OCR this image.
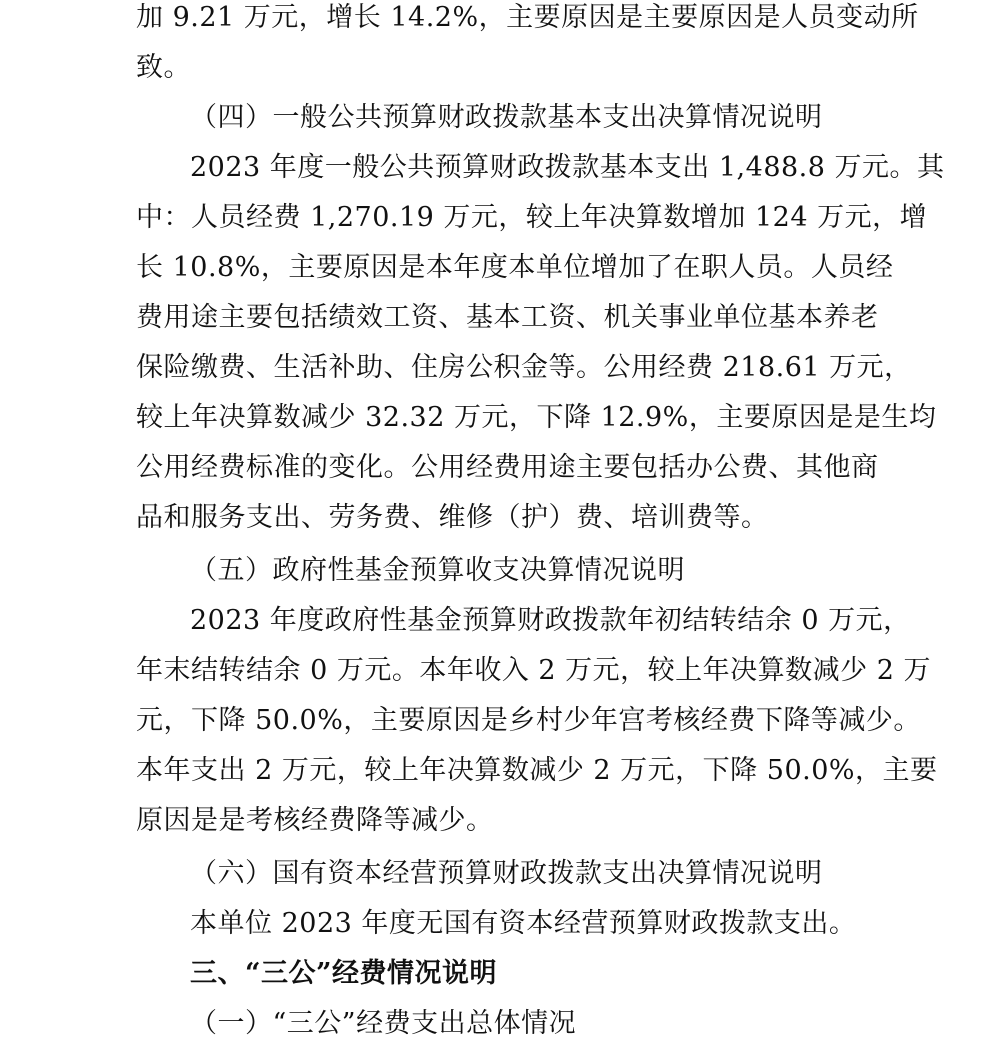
加 9.21 万元，增长 14.2%，主要原因是主要原因是人员变动所
致。
（四）一般公共预算财政拨款基本支出决算情况说明
2023 年度一般公共预算财政拨款基本支出 1,488.8 万元。其
中：人员经费 1,270.19 万元，较上年决算数增加 124 万元，增
长 10.8%，主要原因是本年度本单位增加了在职人员。人员经
费用途主要包括绩效工资、基本工资、机关事业单位基本养老
保险缴费、生活补助、住房公积金等。公用经费 218.61 万元，
较上年决算数减少 32.32 万元，下降 12.9%，主要原因是是生均
公用经费标准的变化。公用经费用途主要包括办公费、其他商
品和服务支出、劳务费、维修（护）费、培训费等。
（五）政府性基金预算收支决算情况说明
2023 年度政府性基金预算财政拨款年初结转结余 0 万元，
年末结转结余 0 万元。本年收入 2 万元，较上年决算数减少 2 万
元，下降 50.0%，主要原因是乡村少年宫考核经费下降等减少。
本年支出 2 万元，较上年决算数减少 2 万元，下降 50.0%，主要
原因是是考核经费降等减少。
（六）国有资本经营预算财政拨款支出决算情况说明
本单位 2023 年度无国有资本经营预算财政拨款支出。
三、“三公”经费情况说明
（一）“三公”经费支出总体情况
